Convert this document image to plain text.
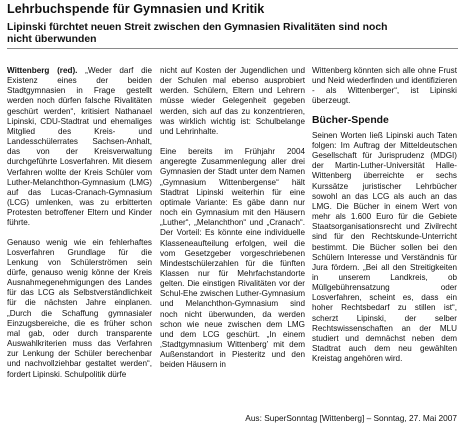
Lehrbuchspende für Gymnasien und Kritik
Lipinski fürchtet neuen Streit zwischen den Gymnasien Rivalitäten sind noch nicht überwunden

Wittenberg (red). „Weder darf die Existenz eines der beiden Stadtgymnasien in Frage gestellt werden noch dürfen falsche Rivalitäten geschürt werden“, kritisiert Nathanael Lipinski, CDU-Stadtrat und ehemaliges Mitglied des Kreis- und Landesschülerrates Sachsen-Anhalt, das von der Kreisverwaltung durchgeführte Losverfahren. Mit diesem Verfahren wollte der Kreis Schüler vom Luther-Melanchthon-Gymnasium (LMG) auf das Lucas-Cranach-Gymnasium (LCG) umlenken, was zu erbitterten Protesten betroffener Eltern und Kinder führte.

Genauso wenig wie ein fehlerhaftes Losverfahren Grundlage für die Lenkung von Schülerströmen sein dürfe, genauso wenig könne der Kreis Ausnahmegenehmigungen des Landes für das LCG als Selbstverständlichkeit für die nächsten Jahre einplanen. „Durch die Schaffung gymnasialer Einzugsbereiche, die es früher schon mal gab, oder durch transparente Auswahlkriterien muss das Verfahren zur Lenkung der Schüler berechenbar und nachvollziehbar gestaltet werden“, fordert Lipinski. Schulpolitik dürfe

nicht auf Kosten der Jugendlichen und der Schulen mal ebenso ausprobiert werden. Schülern, Eltern und Lehrern müsse wieder Gelegenheit gegeben werden, sich auf das zu konzentrieren, was wirklich wichtig ist: Schulbelange und Lehrinhalte.

Eine bereits im Frühjahr 2004 angeregte Zusammenlegung aller drei Gymnasien der Stadt unter dem Namen „Gymnasium Wittenbergense“ hält Stadtrat Lipinski weiterhin für eine optimale Variante: Es gäbe dann nur noch ein Gymnasium mit den Häusern „Luther“, „Melanchthon“ und „Cranach“. Der Vorteil: Es könnte eine individuelle Klasseneaufteilung erfolgen, weil die vom Gesetzgeber vorgeschriebenen Mindestschülerzahlen für die fünften Klassen nur für Mehrfachstandorte gelten. Die einstigen Rivalitäten vor der Schul-Ehe zwischen Luther-Gymnasium und Melanchthon-Gymnasium sind noch nicht überwunden, da werden schon wie neue zwischen dem LMG und dem LCG geschürt. „In einem ‚Stadtgymnasium Wittenberg’ mit dem Außenstandort in Piesteritz und den beiden Häusern in

Wittenberg könnten sich alle ohne Frust und Neid wiederfinden und identifizieren - als Wittenberger“, ist Lipinski überzeugt.

Bücher-Spende

Seinen Worten ließ Lipinski auch Taten folgen: Im Auftrag der Mitteldeutschen Gesellschaft für Jurisprudenz (MDGI) der Martin-Luther-Universität Halle-Wittenberg überreichte er sechs Kurssätze juristischer Lehrbücher sowohl an das LCG als auch an das LMG. Die Bücher in einem Wert von mehr als 1.600 Euro für die Gebiete Staatsorganisationsrecht und Zivilrecht sind für den Rechtskunde-Unterricht bestimmt. Die Bücher sollen bei den Schülern Interesse und Verständnis für Jura fördern. „Bei all den Streitigkeiten in unserem Landkreis, ob Müllgebührensatzung oder Losverfahren, scheint es, dass ein hoher Rechtsbedarf zu stillen ist“, scherzt Lipinski, der selber Rechtswissenschaften an der MLU studiert und demnächst neben dem Stadtrat auch dem neu gewählten Kreistag angehören wird.

Aus: SuperSonntag [Wittenberg] – Sonntag, 27. Mai 2007
